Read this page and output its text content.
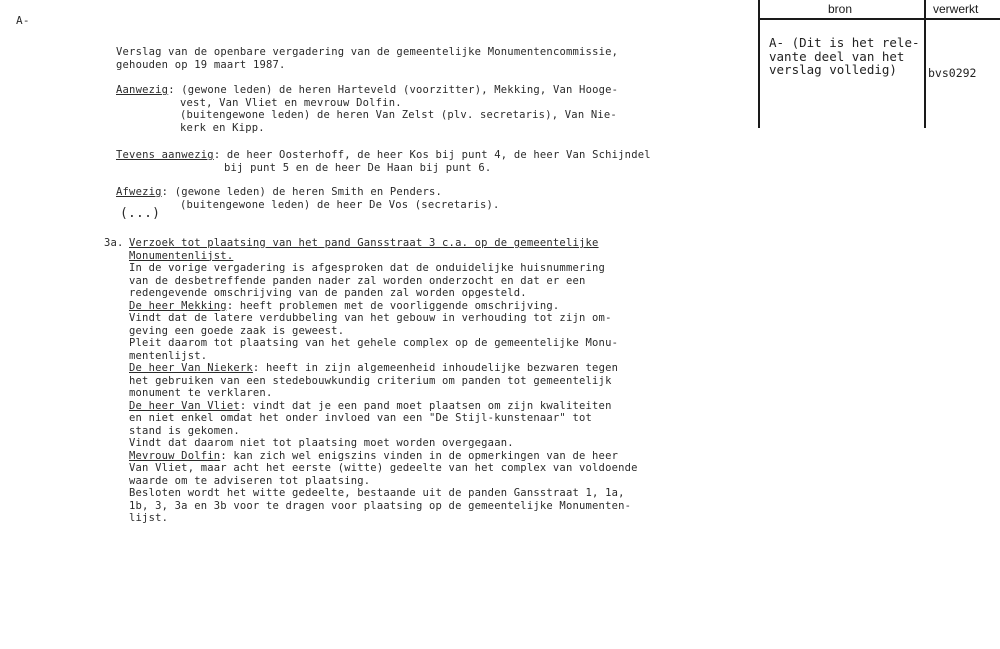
A-
bron	verwerkt
A- (Dit is het rele-
vante deel van het
verslag volledig)	bvs0292
Verslag van de openbare vergadering van de gemeentelijke Monumentencommissie,
gehouden op 19 maart 1987.
Aanwezig: (gewone leden) de heren Harteveld (voorzitter), Mekking, Van Hooge-
vest, Van Vliet en mevrouw Dolfin.
(buitengewone leden) de heren Van Zelst (plv. secretaris), Van Nie-
kerk en Kipp.
Tevens aanwezig: de heer Oosterhoff, de heer Kos bij punt 4, de heer Van Schijndel
bij punt 5 en de heer De Haan bij punt 6.
Afwezig: (gewone leden) de heren Smith en Penders.
(buitengewone leden) de heer De Vos (secretaris).
(...)
3a. Verzoek tot plaatsing van het pand Gansstraat 3 c.a. op de gemeentelijke
Monumentenlijst.
In de vorige vergadering is afgesproken dat de onduidelijke huisnummering
van de desbetreffende panden nader zal worden onderzocht en dat er een
redengevende omschrijving van de panden zal worden opgesteld.
De heer Mekking: heeft problemen met de voorliggende omschrijving.
Vindt dat de latere verdubbeling van het gebouw in verhouding tot zijn om-
geving een goede zaak is geweest.
Pleit daarom tot plaatsing van het gehele complex op de gemeentelijke Monu-
mentenlijst.
De heer Van Niekerk: heeft in zijn algemeenheid inhoudelijke bezwaren tegen
het gebruiken van een stedebouwkundig criterium om panden tot gemeentelijk
monument te verklaren.
De heer Van Vliet: vindt dat je een pand moet plaatsen om zijn kwaliteiten
en niet enkel omdat het onder invloed van een "De Stijl-kunstenaar" tot
stand is gekomen.
Vindt dat daarom niet tot plaatsing moet worden overgegaan.
Mevrouw Dolfin: kan zich wel enigszins vinden in de opmerkingen van de heer
Van Vliet, maar acht het eerste (witte) gedeelte van het complex van voldoende
waarde om te adviseren tot plaatsing.
Besloten wordt het witte gedeelte, bestaande uit de panden Gansstraat 1, 1a,
1b, 3, 3a en 3b voor te dragen voor plaatsing op de gemeentelijke Monumenten-
lijst.
